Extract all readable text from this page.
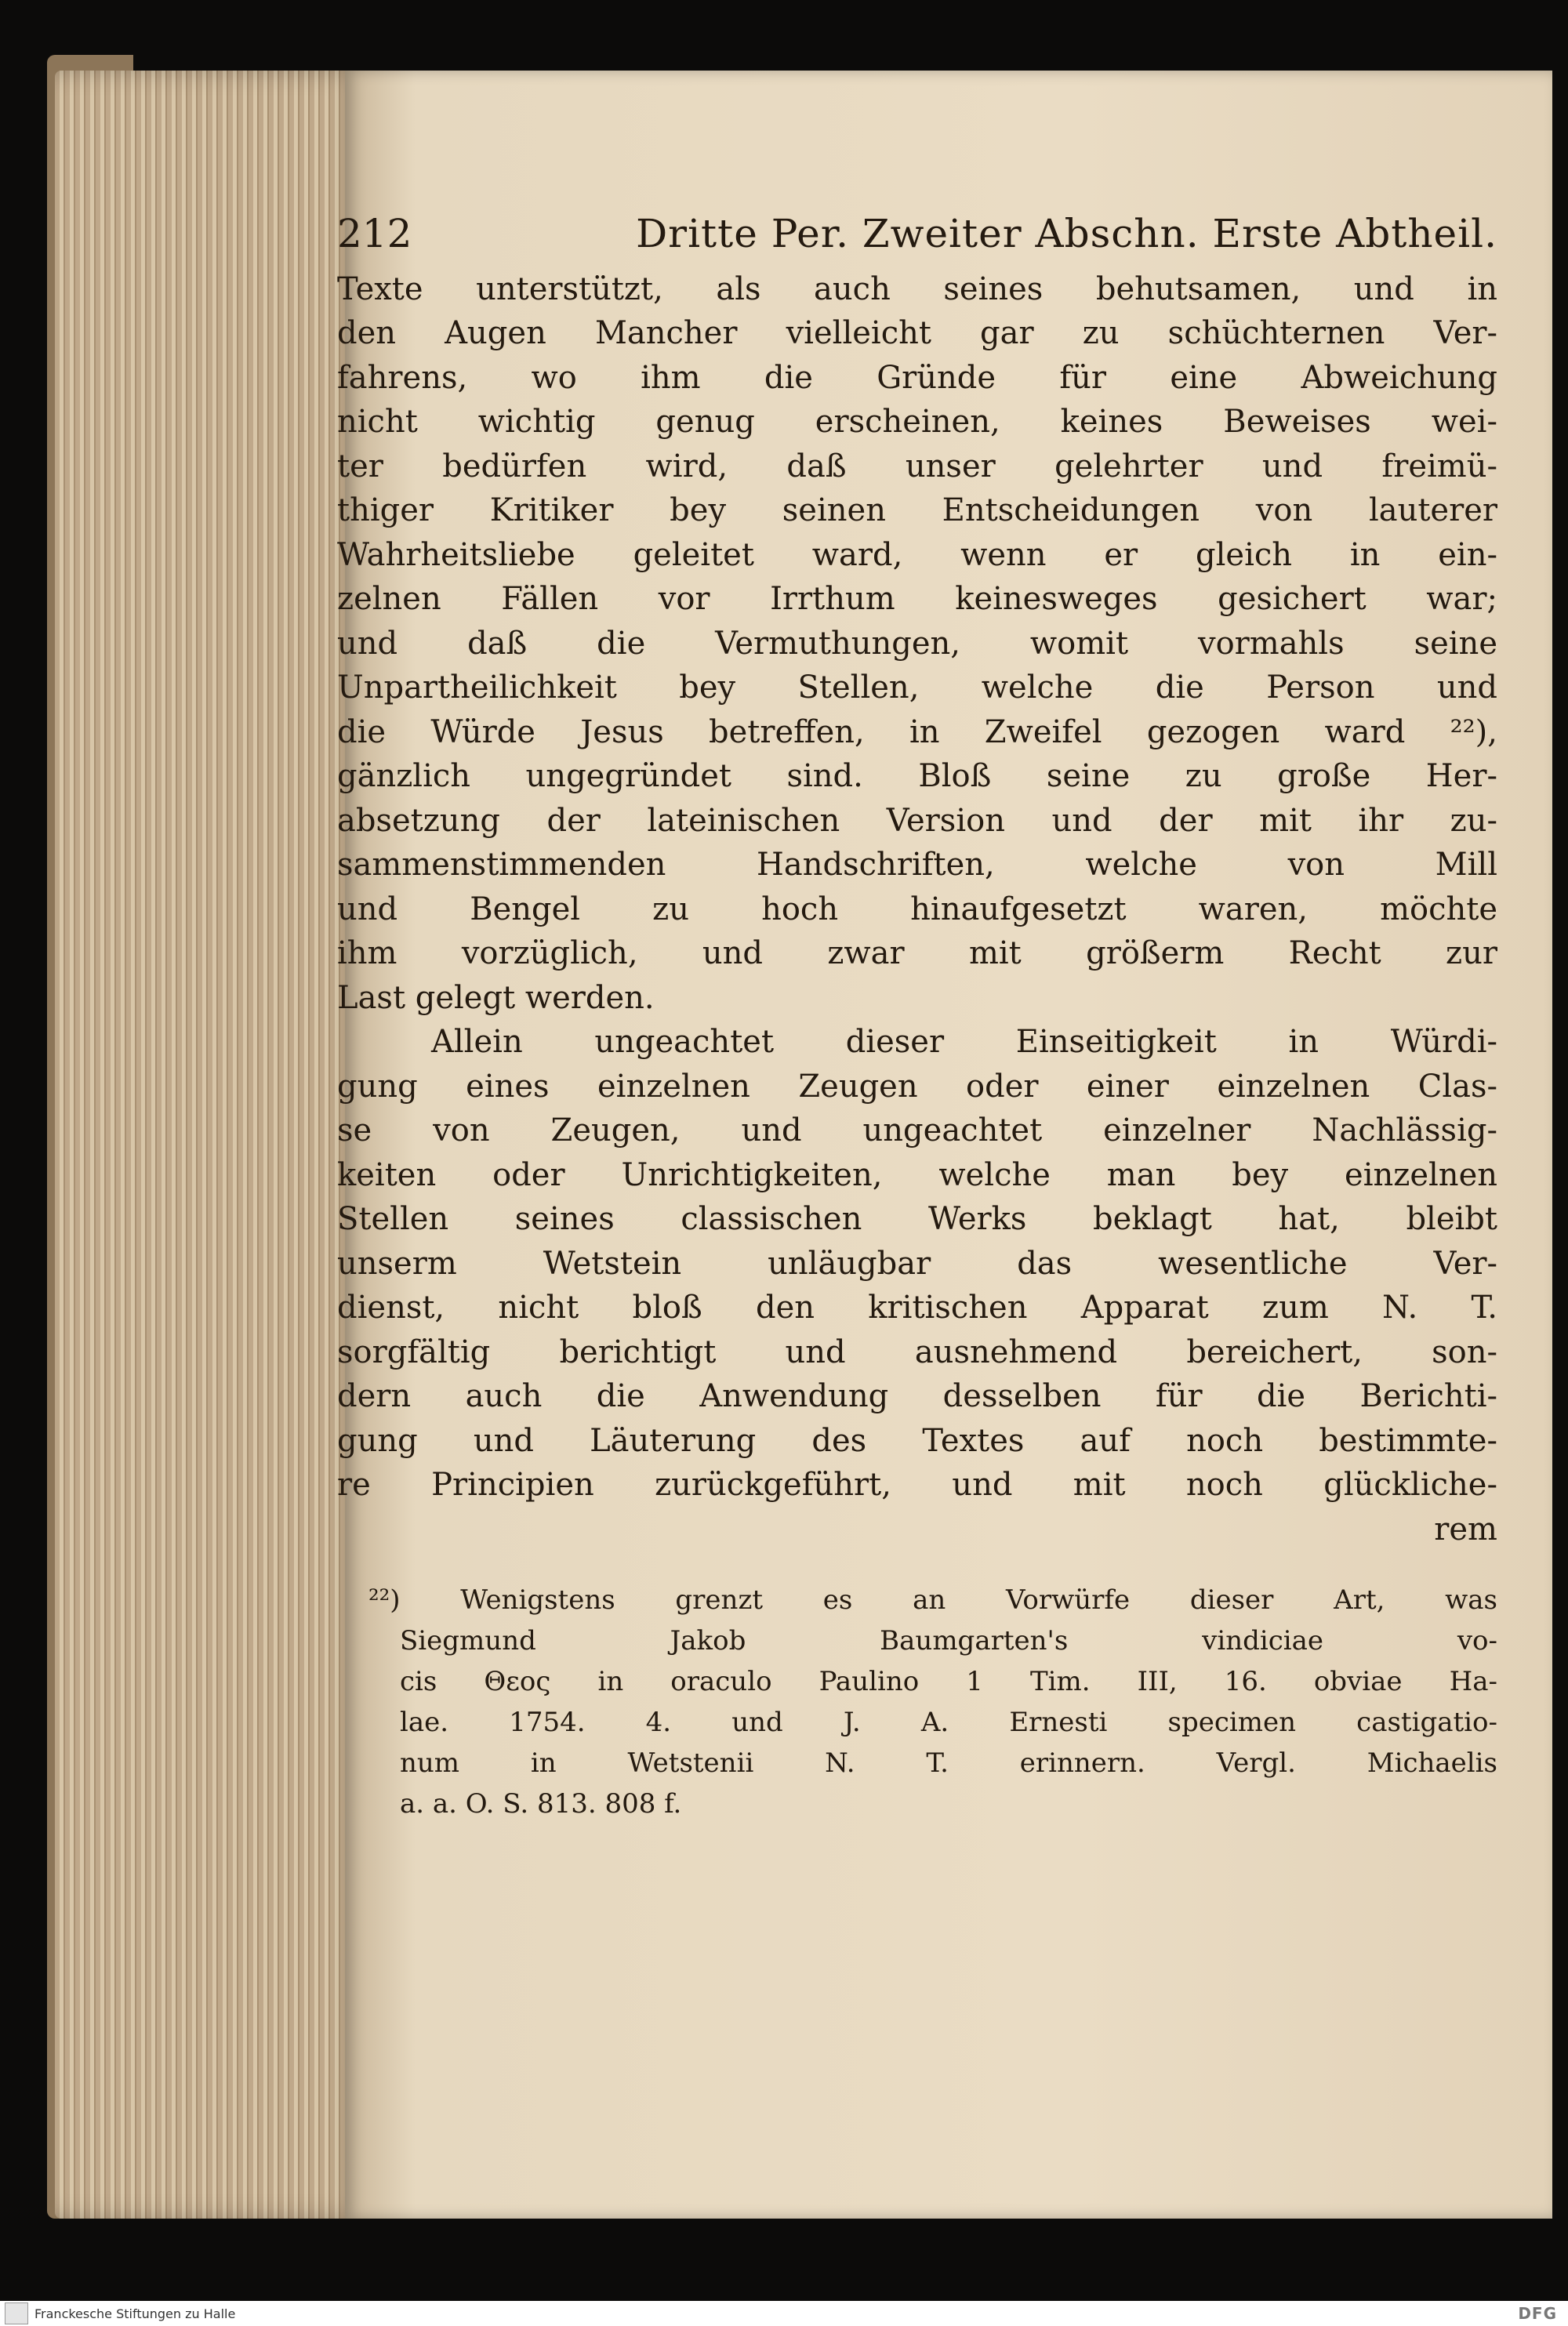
212	Dritte Per. Zweiter Abschn. Erste Abtheil.
Texte unterstützt, als auch seines behutsamen, und in
den Augen Mancher vielleicht gar zu schüchternen Ver-
fahrens, wo ihm die Gründe für eine Abweichung
nicht wichtig genug erscheinen, keines Beweises wei-
ter bedürfen wird, daß unser gelehrter und freimü-
thiger Kritiker bey seinen Entscheidungen von lauterer
Wahrheitsliebe geleitet ward, wenn er gleich in ein-
zelnen Fällen vor Irrthum keinesweges gesichert war;
und daß die Vermuthungen, womit vormahls seine
Unpartheilichkeit bey Stellen, welche die Person und
die Würde Jesus betreffen, in Zweifel gezogen ward ²²),
gänzlich ungegründet sind. Bloß seine zu große Her-
absetzung der lateinischen Version und der mit ihr zu-
sammenstimmenden Handschriften, welche von Mill
und Bengel zu hoch hinaufgesetzt waren, möchte
ihm vorzüglich, und zwar mit größerm Recht zur
Last gelegt werden.
Allein ungeachtet dieser Einseitigkeit in Würdi-
gung eines einzelnen Zeugen oder einer einzelnen Clas-
se von Zeugen, und ungeachtet einzelner Nachlässig-
keiten oder Unrichtigkeiten, welche man bey einzelnen
Stellen seines classischen Werks beklagt hat, bleibt
unserm Wetstein unläugbar das wesentliche Ver-
dienst, nicht bloß den kritischen Apparat zum N. T.
sorgfältig berichtigt und ausnehmend bereichert, son-
dern auch die Anwendung desselben für die Berichti-
gung und Läuterung des Textes auf noch bestimmte-
re Principien zurückgeführt, und mit noch glückliche-
rem
²²) Wenigstens grenzt es an Vorwürfe dieser Art, was
Siegmund Jakob Baumgarten's vindiciae vo-
cis Θεος in oraculo Paulino 1 Tim. III, 16. obviae Ha-
lae. 1754. 4. und J. A. Ernesti specimen castigatio-
num in Wetstenii N. T. erinnern. Vergl. Michaelis
a. a. O. S. 813. 808 f.
Franckesche Stiftungen zu Halle	DFG
